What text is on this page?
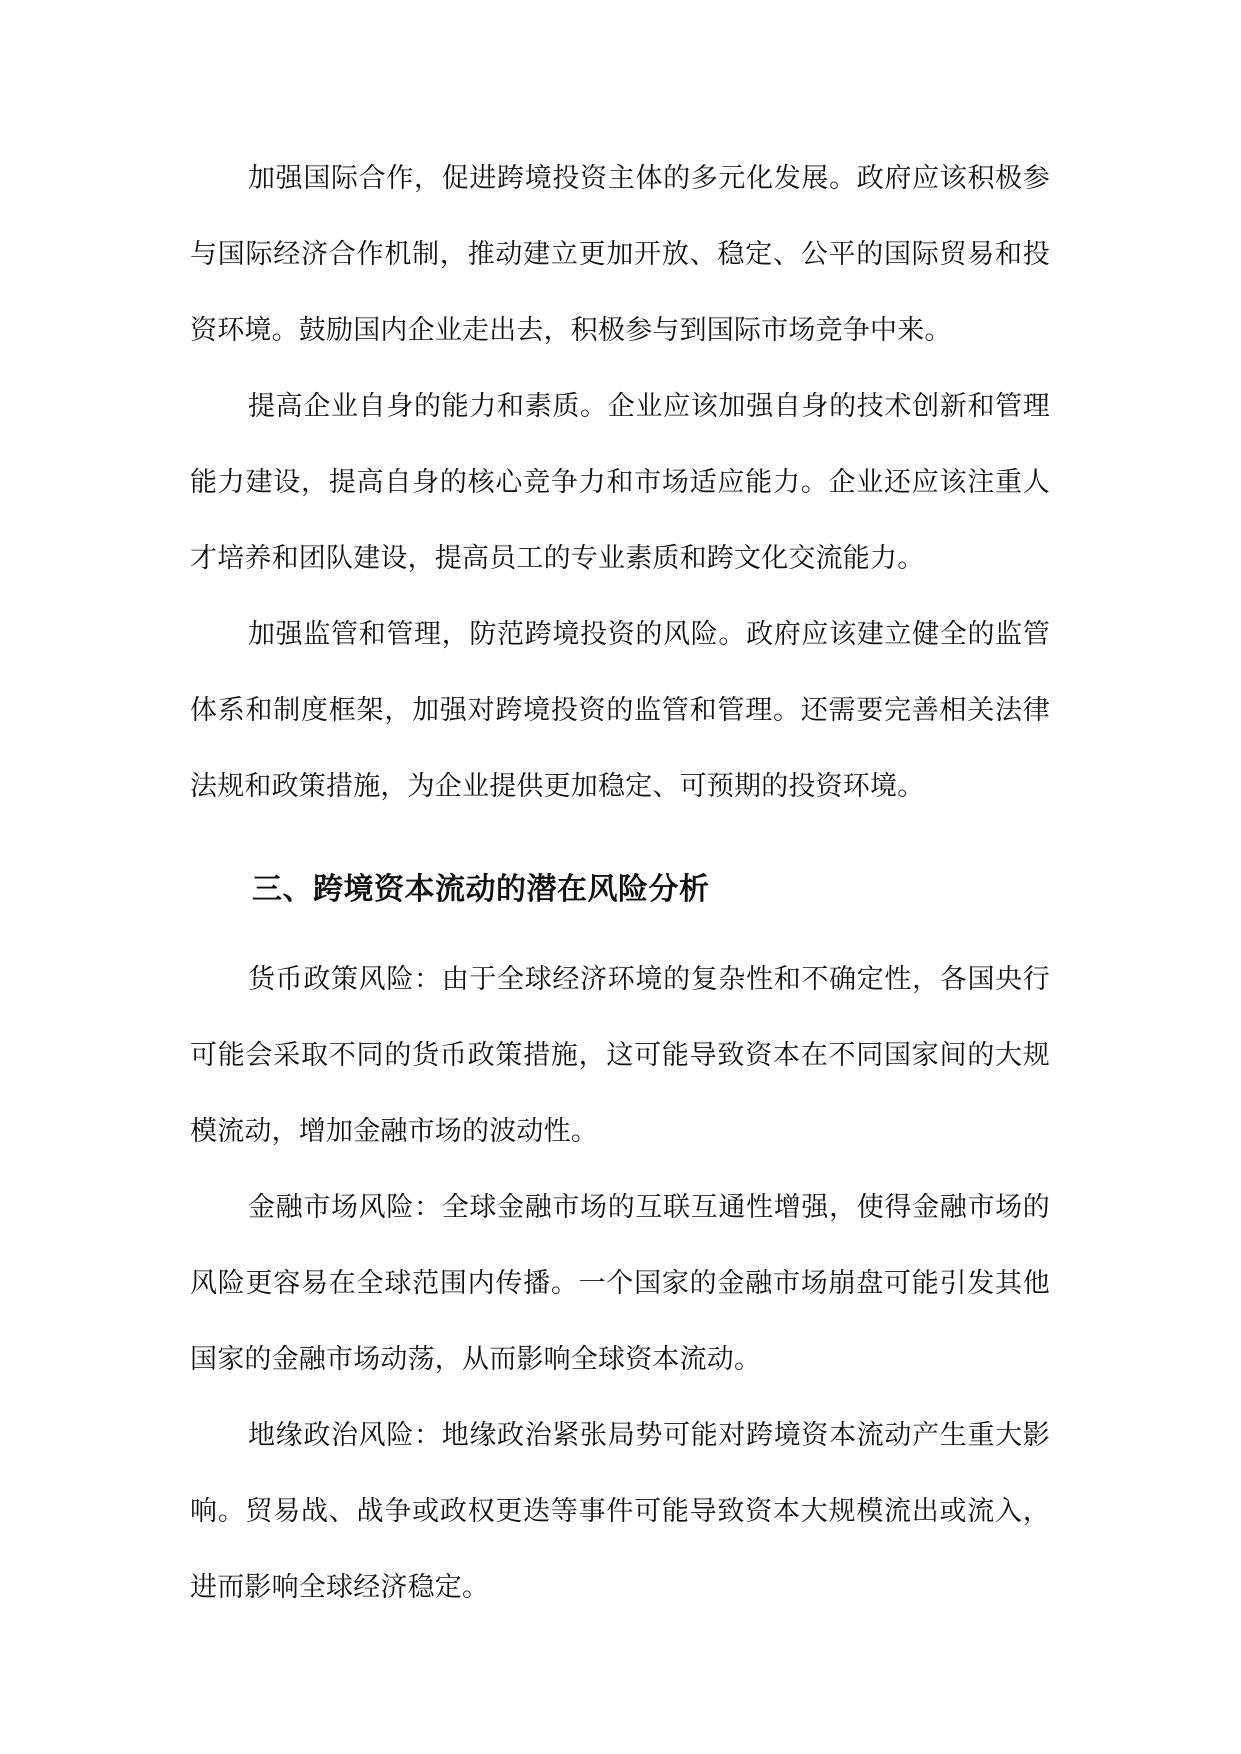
加强国际合作，促进跨境投资主体的多元化发展。政府应该积极参与国际经济合作机制，推动建立更加开放、稳定、公平的国际贸易和投资环境。鼓励国内企业走出去，积极参与到国际市场竞争中来。

提高企业自身的能力和素质。企业应该加强自身的技术创新和管理能力建设，提高自身的核心竞争力和市场适应能力。企业还应该注重人才培养和团队建设，提高员工的专业素质和跨文化交流能力。

加强监管和管理，防范跨境投资的风险。政府应该建立健全的监管体系和制度框架，加强对跨境投资的监管和管理。还需要完善相关法律法规和政策措施，为企业提供更加稳定、可预期的投资环境。

三、跨境资本流动的潜在风险分析

货币政策风险：由于全球经济环境的复杂性和不确定性，各国央行可能会采取不同的货币政策措施，这可能导致资本在不同国家间的大规模流动，增加金融市场的波动性。

金融市场风险：全球金融市场的互联互通性增强，使得金融市场的风险更容易在全球范围内传播。一个国家的金融市场崩盘可能引发其他国家的金融市场动荡，从而影响全球资本流动。

地缘政治风险：地缘政治紧张局势可能对跨境资本流动产生重大影响。贸易战、战争或政权更迭等事件可能导致资本大规模流出或流入，进而影响全球经济稳定。
